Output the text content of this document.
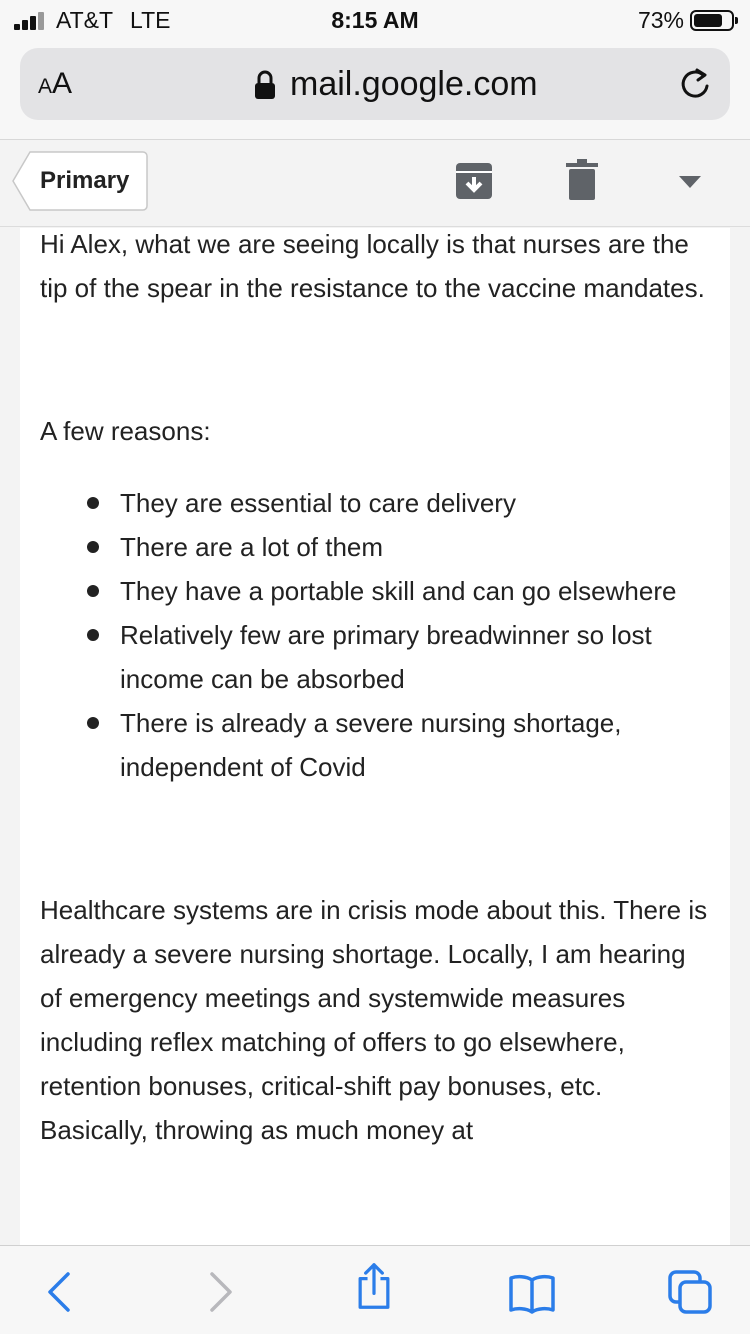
AT&T LTE	8:15 AM	73%
AA	mail.google.com
Primary

Hi Alex, what we are seeing locally is that nurses are the tip of the spear in the resistance to the vaccine mandates.

A few reasons:

They are essential to care delivery
There are a lot of them
They have a portable skill and can go elsewhere
Relatively few are primary breadwinner so lost income can be absorbed
There is already a severe nursing shortage, independent of Covid

Healthcare systems are in crisis mode about this. There is already a severe nursing shortage. Locally, I am hearing of emergency meetings and systemwide measures including reflex matching of offers to go elsewhere, retention bonuses, critical-shift pay bonuses, etc. Basically, throwing as much money at
